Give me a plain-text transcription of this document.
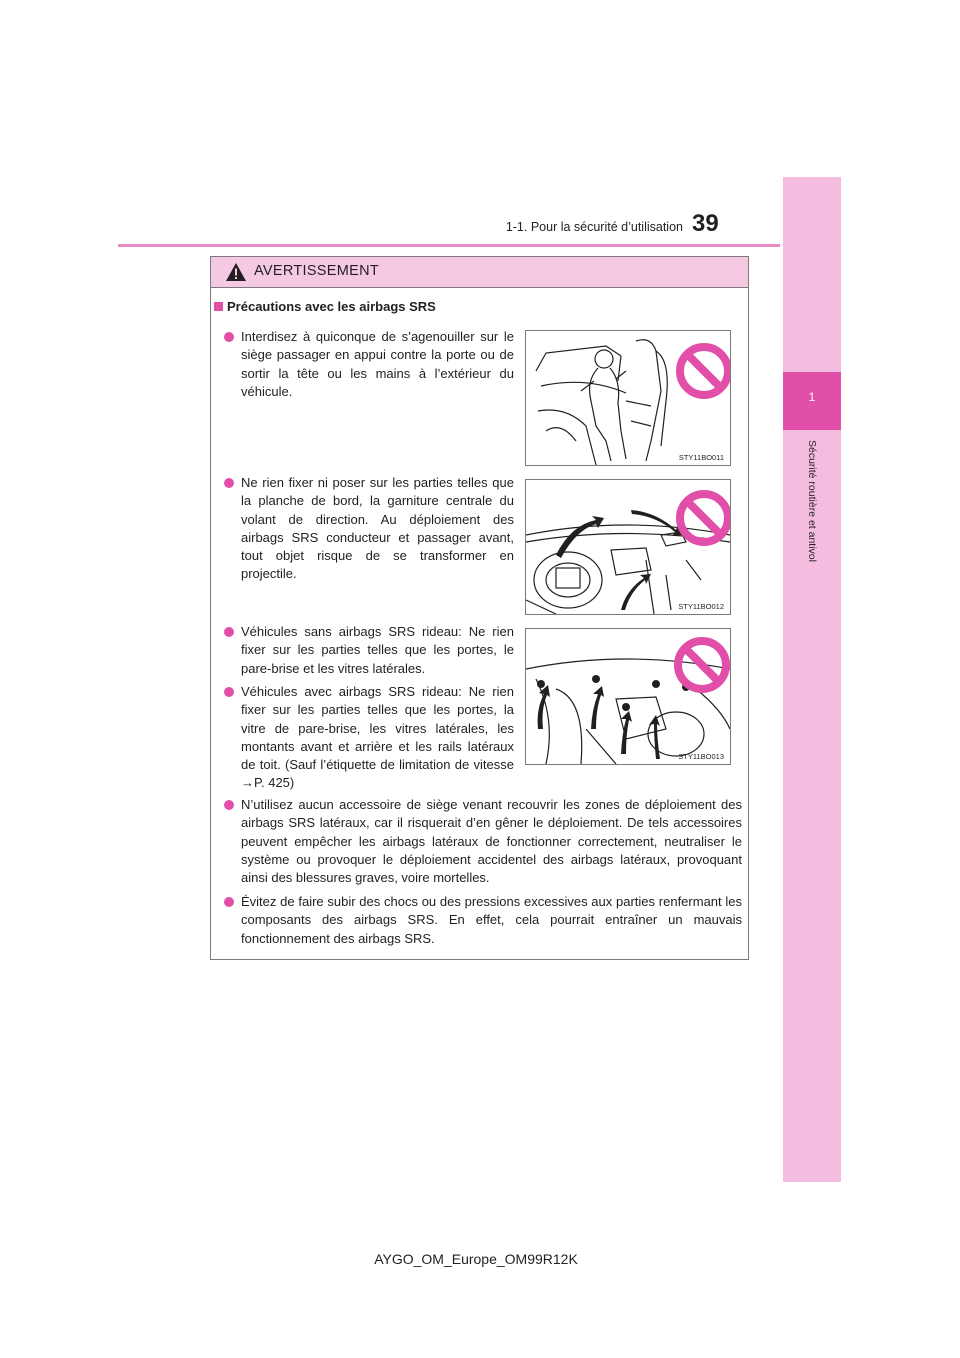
1-1. Pour la sécurité d’utilisation 39
1
Sécurité routière et antivol
AVERTISSEMENT
Précautions avec les airbags SRS

Interdisez à quiconque de s’agenouiller sur le siège passager en appui contre la porte ou de sortir la tête ou les mains à l’extérieur du véhicule.

STY11BO011

Ne rien fixer ni poser sur les parties telles que la planche de bord, la garniture centrale du volant de direction. Au déploiement des airbags SRS conducteur et passager avant, tout objet risque de se transformer en projectile.

STY11BO012

Véhicules sans airbags SRS rideau: Ne rien fixer sur les parties telles que les portes, le pare-brise et les vitres latérales.

Véhicules avec airbags SRS rideau: Ne rien fixer sur les parties telles que les portes, la vitre de pare-brise, les vitres latérales, les montants avant et arrière et les rails latéraux de toit. (Sauf l’étiquette de limitation de vitesse →P. 425)

STY11BO013

N’utilisez aucun accessoire de siège venant recouvrir les zones de déploiement des airbags SRS latéraux, car il risquerait d’en gêner le déploiement. De tels accessoires peuvent empêcher les airbags latéraux de fonctionner correctement, neutraliser le système ou provoquer le déploiement accidentel des airbags latéraux, provoquant ainsi des blessures graves, voire mortelles.

Évitez de faire subir des chocs ou des pressions excessives aux parties renfermant les composants des airbags SRS. En effet, cela pourrait entraîner un mauvais fonctionnement des airbags SRS.

AYGO_OM_Europe_OM99R12K
